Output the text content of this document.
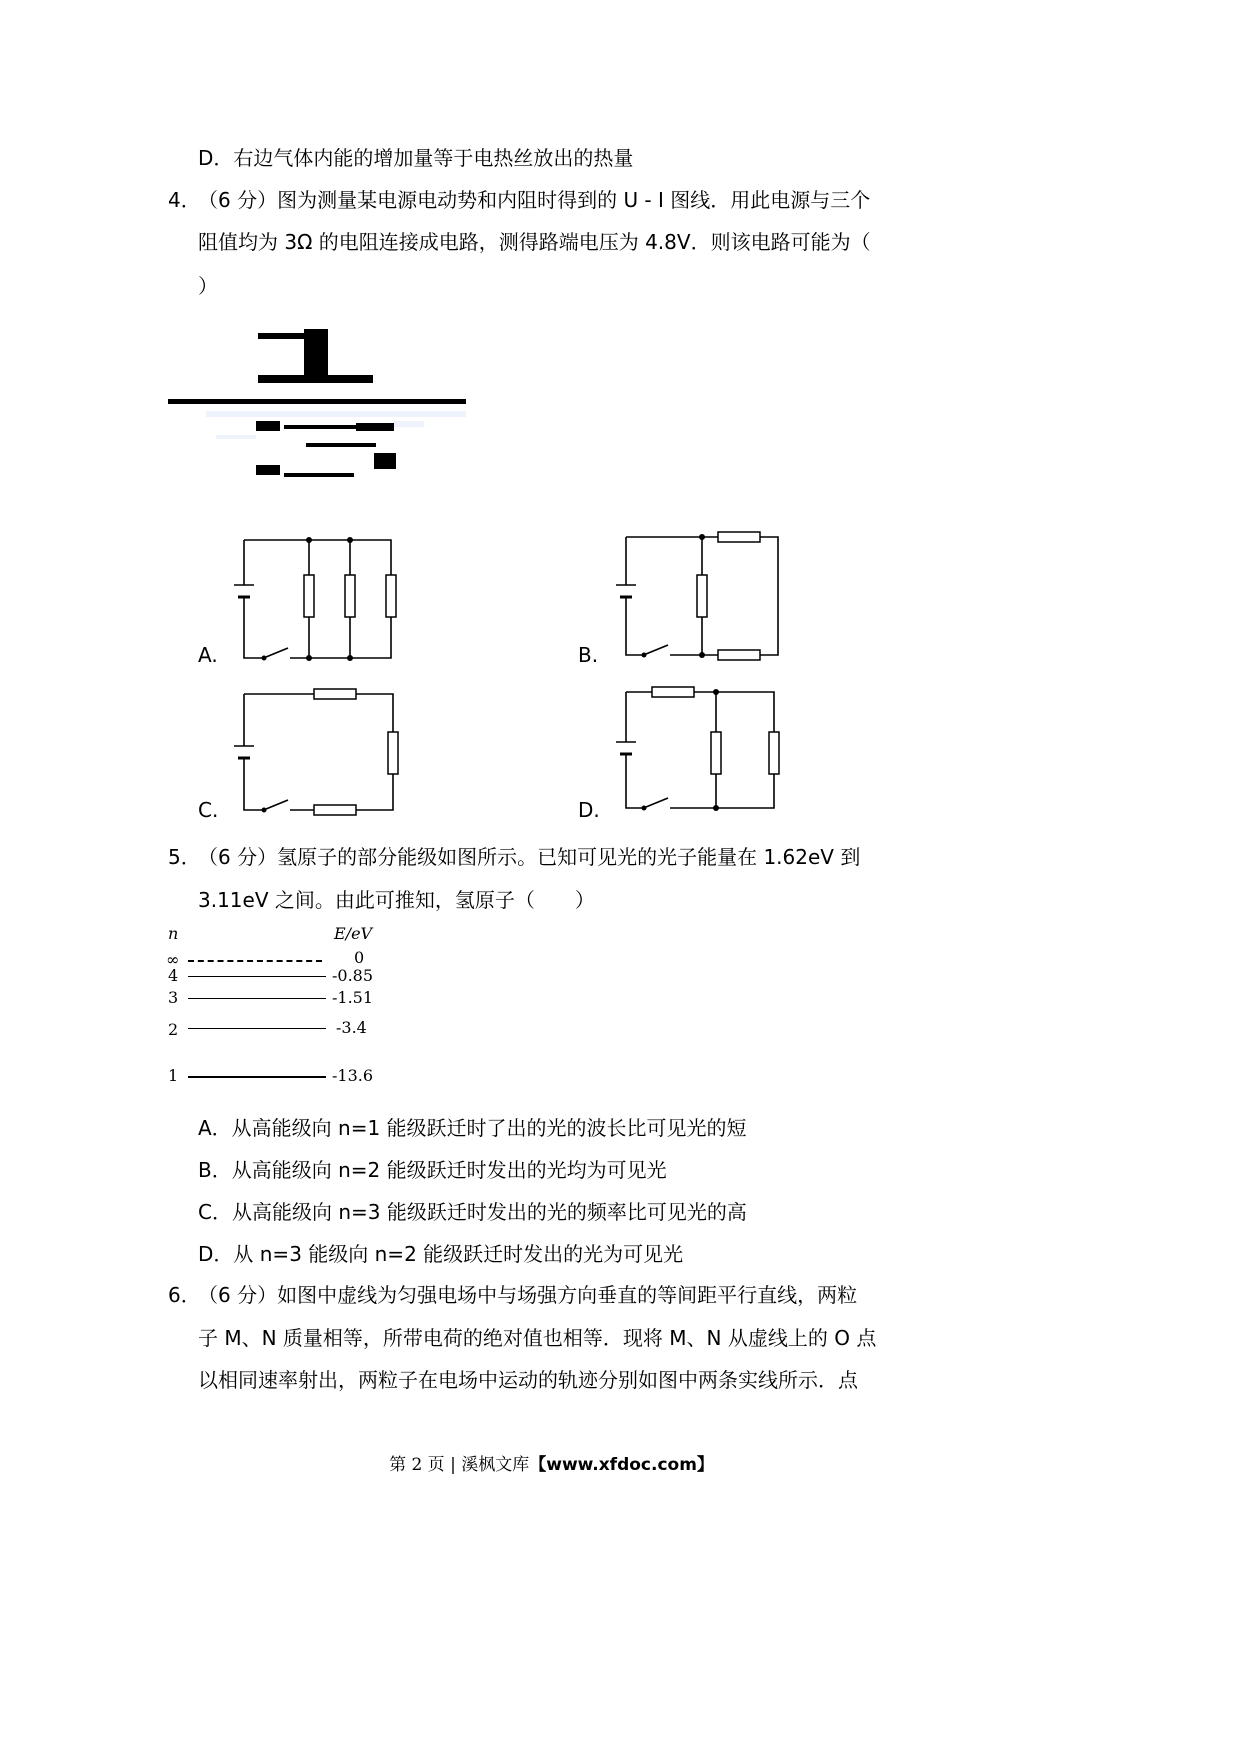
D．右边气体内能的增加量等于电热丝放出的热量
4．
（6 分）图为测量某电源电动势和内阻时得到的 U - I 图线．用此电源与三个
阻值均为 3Ω 的电阻连接成电路，测得路端电压为 4.8V．则该电路可能为（
）
A.	B.
C.	D.
5．
（6 分）氢原子的部分能级如图所示。已知可见光的光子能量在 1.62eV 到
3.11eV 之间。由此可推知，氢原子（　　）
n	E/eV
∞	0
4	-0.85
3	-1.51
2	-3.4
1	-13.6
A．从高能级向 n=1 能级跃迁时了出的光的波长比可见光的短
B．从高能级向 n=2 能级跃迁时发出的光均为可见光
C．从高能级向 n=3 能级跃迁时发出的光的频率比可见光的高
D．从 n=3 能级向 n=2 能级跃迁时发出的光为可见光
6．
（6 分）如图中虚线为匀强电场中与场强方向垂直的等间距平行直线，两粒
子 M、N 质量相等，所带电荷的绝对值也相等．现将 M、N 从虚线上的 O 点
以相同速率射出，两粒子在电场中运动的轨迹分别如图中两条实线所示．点
第 2 页 | 溪枫文库【www.xfdoc.com】
